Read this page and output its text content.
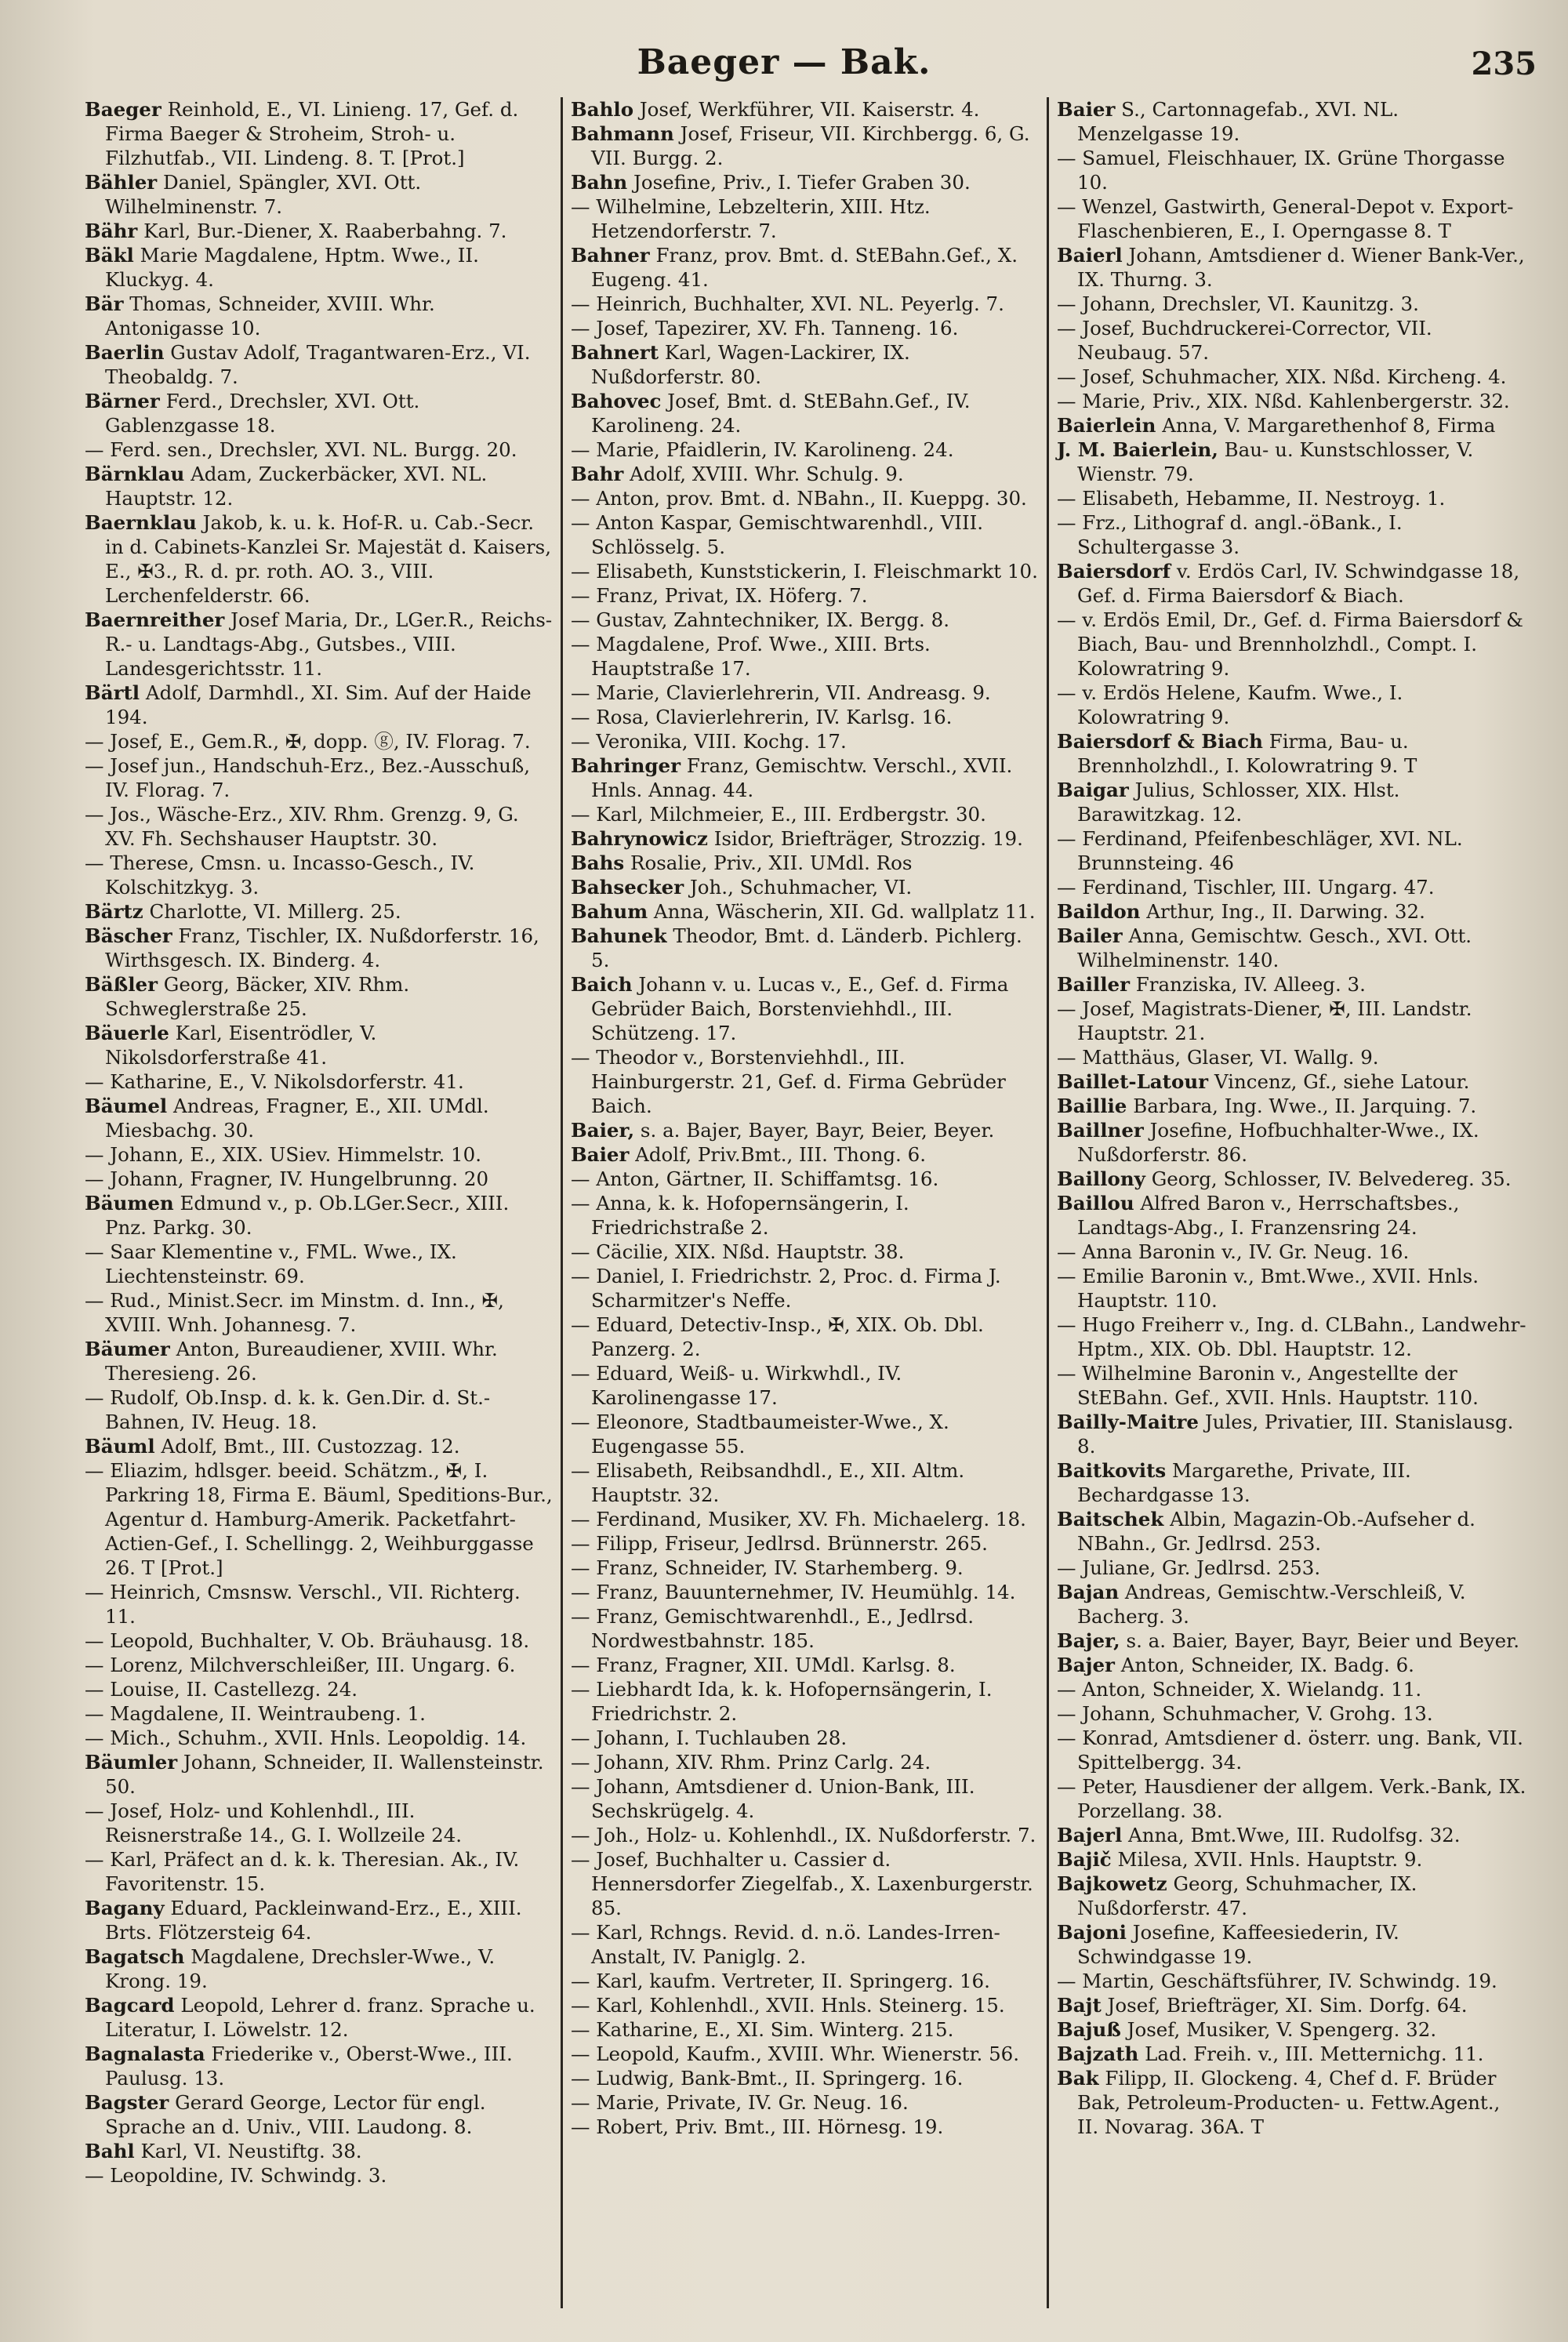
Baeger — Bak.	235

Baeger Reinhold, E., VI. Linieng. 17, Gef. d. Firma Baeger & Stroheim, Stroh- u. Filzhutfab., VII. Lindeng. 8. T. [Prot.]

Bähler Daniel, Spängler, XVI. Ott. Wilhelminenstr. 7.

Bähr Karl, Bur.-Diener, X. Raaberbahng. 7.

Bäkl Marie Magdalene, Hptm. Wwe., II. Kluckyg. 4.

Bär Thomas, Schneider, XVIII. Whr. Antonigasse 10.

Baerlin Gustav Adolf, Tragantwaren-Erz., VI. Theobaldg. 7.

Bärner Ferd., Drechsler, XVI. Ott. Gablenzgasse 18.

— Ferd. sen., Drechsler, XVI. NL. Burgg. 20.

Bärnklau Adam, Zuckerbäcker, XVI. NL. Hauptstr. 12.

Baernklau Jakob, k. u. k. Hof-R. u. Cab.-Secr. in d. Cabinets-Kanzlei Sr. Majestät d. Kaisers, E., ✠3., R. d. pr. roth. AO. 3., VIII. Lerchenfelderstr. 66.

Baernreither Josef Maria, Dr., LGer.R., Reichs-R.- u. Landtags-Abg., Gutsbes., VIII. Landesgerichtsstr. 11.

Bärtl Adolf, Darmhdl., XI. Sim. Auf der Haide 194.

— Josef, E., Gem.R., ✠, dopp. ⓖ, IV. Florag. 7.

— Josef jun., Handschuh-Erz., Bez.-Ausschuß, IV. Florag. 7.

— Jos., Wäsche-Erz., XIV. Rhm. Grenzg. 9, G. XV. Fh. Sechshauser Hauptstr. 30.

— Therese, Cmsn. u. Incasso-Gesch., IV. Kolschitzkyg. 3.

Bärtz Charlotte, VI. Millerg. 25.

Bäscher Franz, Tischler, IX. Nußdorferstr. 16, Wirthsgesch. IX. Binderg. 4.

Bäßler Georg, Bäcker, XIV. Rhm. Schweglerstraße 25.

Bäuerle Karl, Eisentrödler, V. Nikolsdorferstraße 41.

— Katharine, E., V. Nikolsdorferstr. 41.

Bäumel Andreas, Fragner, E., XII. UMdl. Miesbachg. 30.

— Johann, E., XIX. USiev. Himmelstr. 10.

— Johann, Fragner, IV. Hungelbrunng. 20

Bäumen Edmund v., p. Ob.LGer.Secr., XIII. Pnz. Parkg. 30.

— Saar Klementine v., FML. Wwe., IX. Liechtensteinstr. 69.

— Rud., Minist.Secr. im Minstm. d. Inn., ✠, XVIII. Wnh. Johannesg. 7.

Bäumer Anton, Bureaudiener, XVIII. Whr. Theresieng. 26.

— Rudolf, Ob.Insp. d. k. k. Gen.Dir. d. St.-Bahnen, IV. Heug. 18.

Bäuml Adolf, Bmt., III. Custozzag. 12.

— Eliazim, hdlsger. beeid. Schätzm., ✠, I. Parkring 18, Firma E. Bäuml, Speditions-Bur., Agentur d. Hamburg-Amerik. Packetfahrt-Actien-Gef., I. Schellingg. 2, Weihburggasse 26. T [Prot.]

— Heinrich, Cmsnsw. Verschl., VII. Richterg. 11.

— Leopold, Buchhalter, V. Ob. Bräuhausg. 18.

— Lorenz, Milchverschleißer, III. Ungarg. 6.

— Louise, II. Castellezg. 24.

— Magdalene, II. Weintraubeng. 1.

— Mich., Schuhm., XVII. Hnls. Leopoldig. 14.

Bäumler Johann, Schneider, II. Wallensteinstr. 50.

— Josef, Holz- und Kohlenhdl., III. Reisnerstraße 14., G. I. Wollzeile 24.

— Karl, Präfect an d. k. k. Theresian. Ak., IV. Favoritenstr. 15.

Bagany Eduard, Packleinwand-Erz., E., XIII. Brts. Flötzersteig 64.

Bagatsch Magdalene, Drechsler-Wwe., V. Krong. 19.

Bagcard Leopold, Lehrer d. franz. Sprache u. Literatur, I. Löwelstr. 12.

Bagnalasta Friederike v., Oberst-Wwe., III. Paulusg. 13.

Bagster Gerard George, Lector für engl. Sprache an d. Univ., VIII. Laudong. 8.

Bahl Karl, VI. Neustiftg. 38.

— Leopoldine, IV. Schwindg. 3.

Bahlo Josef, Werkführer, VII. Kaiserstr. 4.

Bahmann Josef, Friseur, VII. Kirchbergg. 6, G. VII. Burgg. 2.

Bahn Josefine, Priv., I. Tiefer Graben 30.

— Wilhelmine, Lebzelterin, XIII. Htz. Hetzendorferstr. 7.

Bahner Franz, prov. Bmt. d. StEBahn.Gef., X. Eugeng. 41.

— Heinrich, Buchhalter, XVI. NL. Peyerlg. 7.

— Josef, Tapezirer, XV. Fh. Tanneng. 16.

Bahnert Karl, Wagen-Lackirer, IX. Nußdorferstr. 80.

Bahovec Josef, Bmt. d. StEBahn.Gef., IV. Karolineng. 24.

— Marie, Pfaidlerin, IV. Karolineng. 24.

Bahr Adolf, XVIII. Whr. Schulg. 9.

— Anton, prov. Bmt. d. NBahn., II. Kueppg. 30.

— Anton Kaspar, Gemischtwarenhdl., VIII. Schlösselg. 5.

— Elisabeth, Kunststickerin, I. Fleischmarkt 10.

— Franz, Privat, IX. Höferg. 7.

— Gustav, Zahntechniker, IX. Bergg. 8.

— Magdalene, Prof. Wwe., XIII. Brts. Hauptstraße 17.

— Marie, Clavierlehrerin, VII. Andreasg. 9.

— Rosa, Clavierlehrerin, IV. Karlsg. 16.

— Veronika, VIII. Kochg. 17.

Bahringer Franz, Gemischtw. Verschl., XVII. Hnls. Annag. 44.

— Karl, Milchmeier, E., III. Erdbergstr. 30.

Bahrynowicz Isidor, Briefträger, Strozzig. 19.

Bahs Rosalie, Priv., XII. UMdl. Ros

Bahsecker Joh., Schuhmacher, VI.

Bahum Anna, Wäscherin, XII. Gd. wallplatz 11.

Bahunek Theodor, Bmt. d. Länderb. Pichlerg. 5.

Baich Johann v. u. Lucas v., E., Gef. d. Firma Gebrüder Baich, Borstenviehhdl., III. Schützeng. 17.

— Theodor v., Borstenviehhdl., III. Hainburgerstr. 21, Gef. d. Firma Gebrüder Baich.

Baier, s. a. Bajer, Bayer, Bayr, Beier, Beyer.

Baier Adolf, Priv.Bmt., III. Thong. 6.

— Anton, Gärtner, II. Schiffamtsg. 16.

— Anna, k. k. Hofopernsängerin, I. Friedrichstraße 2.

— Cäcilie, XIX. Nßd. Hauptstr. 38.

— Daniel, I. Friedrichstr. 2, Proc. d. Firma J. Scharmitzer's Neffe.

— Eduard, Detectiv-Insp., ✠, XIX. Ob. Dbl. Panzerg. 2.

— Eduard, Weiß- u. Wirkwhdl., IV. Karolinengasse 17.

— Eleonore, Stadtbaumeister-Wwe., X. Eugengasse 55.

— Elisabeth, Reibsandhdl., E., XII. Altm. Hauptstr. 32.

— Ferdinand, Musiker, XV. Fh. Michaelerg. 18.

— Filipp, Friseur, Jedlrsd. Brünnerstr. 265.

— Franz, Schneider, IV. Starhemberg. 9.

— Franz, Bauunternehmer, IV. Heumühlg. 14.

— Franz, Gemischtwarenhdl., E., Jedlrsd. Nordwestbahnstr. 185.

— Franz, Fragner, XII. UMdl. Karlsg. 8.

— Liebhardt Ida, k. k. Hofopernsängerin, I. Friedrichstr. 2.

— Johann, I. Tuchlauben 28.

— Johann, XIV. Rhm. Prinz Carlg. 24.

— Johann, Amtsdiener d. Union-Bank, III. Sechskrügelg. 4.

— Joh., Holz- u. Kohlenhdl., IX. Nußdorferstr. 7.

— Josef, Buchhalter u. Cassier d. Hennersdorfer Ziegelfab., X. Laxenburgerstr. 85.

— Karl, Rchngs. Revid. d. n.ö. Landes-Irren-Anstalt, IV. Paniglg. 2.

— Karl, kaufm. Vertreter, II. Springerg. 16.

— Karl, Kohlenhdl., XVII. Hnls. Steinerg. 15.

— Katharine, E., XI. Sim. Winterg. 215.

— Leopold, Kaufm., XVIII. Whr. Wienerstr. 56.

— Ludwig, Bank-Bmt., II. Springerg. 16.

— Marie, Private, IV. Gr. Neug. 16.

— Robert, Priv. Bmt., III. Hörnesg. 19.

Baier S., Cartonnagefab., XVI. NL. Menzelgasse 19.

— Samuel, Fleischhauer, IX. Grüne Thorgasse 10.

— Wenzel, Gastwirth, General-Depot v. Export-Flaschenbieren, E., I. Operngasse 8. T

Baierl Johann, Amtsdiener d. Wiener Bank-Ver., IX. Thurng. 3.

— Johann, Drechsler, VI. Kaunitzg. 3.

— Josef, Buchdruckerei-Corrector, VII. Neubaug. 57.

— Josef, Schuhmacher, XIX. Nßd. Kircheng. 4.

— Marie, Priv., XIX. Nßd. Kahlenbergerstr. 32.

Baierlein Anna, V. Margarethenhof 8, Firma

J. M. Baierlein, Bau- u. Kunstschlosser, V. Wienstr. 79.

— Elisabeth, Hebamme, II. Nestroyg. 1.

— Frz., Lithograf d. angl.-öBank., I. Schultergasse 3.

Baiersdorf v. Erdös Carl, IV. Schwindgasse 18, Gef. d. Firma Baiersdorf & Biach.

— v. Erdös Emil, Dr., Gef. d. Firma Baiersdorf & Biach, Bau- und Brennholzhdl., Compt. I. Kolowratring 9.

— v. Erdös Helene, Kaufm. Wwe., I. Kolowratring 9.

Baiersdorf & Biach Firma, Bau- u. Brennholzhdl., I. Kolowratring 9. T

Baigar Julius, Schlosser, XIX. Hlst. Barawitzkag. 12.

— Ferdinand, Pfeifenbeschläger, XVI. NL. Brunnsteing. 46

— Ferdinand, Tischler, III. Ungarg. 47.

Baildon Arthur, Ing., II. Darwing. 32.

Bailer Anna, Gemischtw. Gesch., XVI. Ott. Wilhelminenstr. 140.

Bailler Franziska, IV. Alleeg. 3.

— Josef, Magistrats-Diener, ✠, III. Landstr. Hauptstr. 21.

— Matthäus, Glaser, VI. Wallg. 9.

Baillet-Latour Vincenz, Gf., siehe Latour.

Baillie Barbara, Ing. Wwe., II. Jarquing. 7.

Baillner Josefine, Hofbuchhalter-Wwe., IX. Nußdorferstr. 86.

Baillony Georg, Schlosser, IV. Belvedereg. 35.

Baillou Alfred Baron v., Herrschaftsbes., Landtags-Abg., I. Franzensring 24.

— Anna Baronin v., IV. Gr. Neug. 16.

— Emilie Baronin v., Bmt.Wwe., XVII. Hnls. Hauptstr. 110.

— Hugo Freiherr v., Ing. d. CLBahn., Landwehr-Hptm., XIX. Ob. Dbl. Hauptstr. 12.

— Wilhelmine Baronin v., Angestellte der StEBahn. Gef., XVII. Hnls. Hauptstr. 110.

Bailly-Maitre Jules, Privatier, III. Stanislausg. 8.

Baitkovits Margarethe, Private, III. Bechardgasse 13.

Baitschek Albin, Magazin-Ob.-Aufseher d. NBahn., Gr. Jedlrsd. 253.

— Juliane, Gr. Jedlrsd. 253.

Bajan Andreas, Gemischtw.-Verschleiß, V. Bacherg. 3.

Bajer, s. a. Baier, Bayer, Bayr, Beier und Beyer.

Bajer Anton, Schneider, IX. Badg. 6.

— Anton, Schneider, X. Wielandg. 11.

— Johann, Schuhmacher, V. Grohg. 13.

— Konrad, Amtsdiener d. österr. ung. Bank, VII. Spittelbergg. 34.

— Peter, Hausdiener der allgem. Verk.-Bank, IX. Porzellang. 38.

Bajerl Anna, Bmt.Wwe, III. Rudolfsg. 32.

Bajič Milesa, XVII. Hnls. Hauptstr. 9.

Bajkowetz Georg, Schuhmacher, IX. Nußdorferstr. 47.

Bajoni Josefine, Kaffeesiederin, IV. Schwindgasse 19.

— Martin, Geschäftsführer, IV. Schwindg. 19.

Bajt Josef, Briefträger, XI. Sim. Dorfg. 64.

Bajuß Josef, Musiker, V. Spengerg. 32.

Bajzath Lad. Freih. v., III. Metternichg. 11.

Bak Filipp, II. Glockeng. 4, Chef d. F. Brüder Bak, Petroleum-Producten- u. Fettw.Agent., II. Novarag. 36A. T
